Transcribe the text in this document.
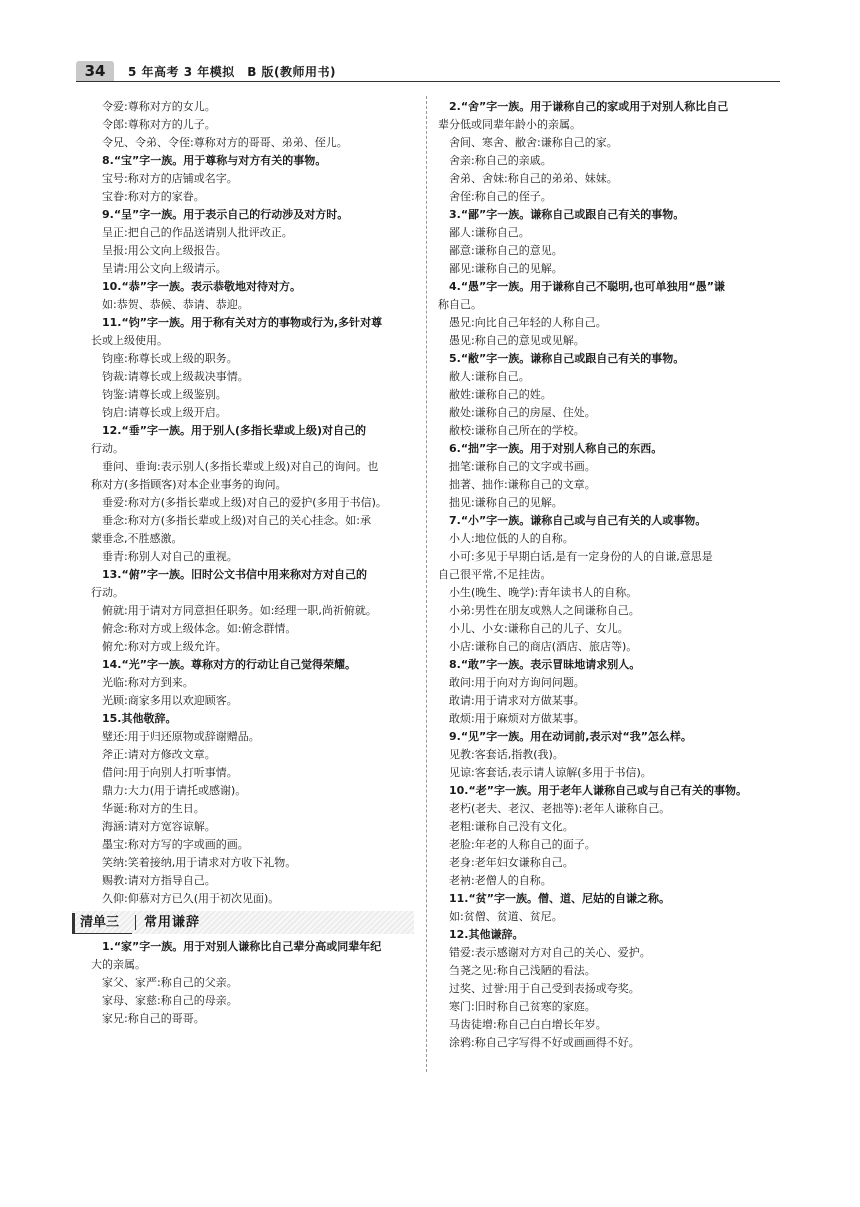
34	5 年高考 3 年模拟　B 版(教师用书)
令爱:尊称对方的女儿。
令郎:尊称对方的儿子。
令兄、令弟、令侄:尊称对方的哥哥、弟弟、侄儿。
8.“宝”字一族。用于尊称与对方有关的事物。
宝号:称对方的店铺或名字。
宝眷:称对方的家眷。
9.“呈”字一族。用于表示自己的行动涉及对方时。
呈正:把自己的作品送请别人批评改正。
呈报:用公文向上级报告。
呈请:用公文向上级请示。
10.“恭”字一族。表示恭敬地对待对方。
如:恭贺、恭候、恭请、恭迎。
11.“钧”字一族。用于称有关对方的事物或行为,多针对尊
长或上级使用。
钧座:称尊长或上级的职务。
钧裁:请尊长或上级裁决事情。
钧鉴:请尊长或上级鉴别。
钧启:请尊长或上级开启。
12.“垂”字一族。用于别人(多指长辈或上级)对自己的
行动。
垂问、垂询:表示别人(多指长辈或上级)对自己的询问。也
称对方(多指顾客)对本企业事务的询问。
垂爱:称对方(多指长辈或上级)对自己的爱护(多用于书信)。
垂念:称对方(多指长辈或上级)对自己的关心挂念。如:承
蒙垂念,不胜感激。
垂青:称别人对自己的重视。
13.“俯”字一族。旧时公文书信中用来称对方对自己的
行动。
俯就:用于请对方同意担任职务。如:经理一职,尚祈俯就。
俯念:称对方或上级体念。如:俯念群情。
俯允:称对方或上级允许。
14.“光”字一族。尊称对方的行动让自己觉得荣耀。
光临:称对方到来。
光顾:商家多用以欢迎顾客。
15.其他敬辞。
璧还:用于归还原物或辞谢赠品。
斧正:请对方修改文章。
借问:用于向别人打听事情。
鼎力:大力(用于请托或感谢)。
华诞:称对方的生日。
海涵:请对方宽容谅解。
墨宝:称对方写的字或画的画。
笑纳:笑着接纳,用于请求对方收下礼物。
赐教:请对方指导自己。
久仰:仰慕对方已久(用于初次见面)。
清单三 常用谦辞
1.“家”字一族。用于对别人谦称比自己辈分高或同辈年纪
大的亲属。
家父、家严:称自己的父亲。
家母、家慈:称自己的母亲。
家兄:称自己的哥哥。
2.“舍”字一族。用于谦称自己的家或用于对别人称比自己
辈分低或同辈年龄小的亲属。
舍间、寒舍、敝舍:谦称自己的家。
舍亲:称自己的亲戚。
舍弟、舍妹:称自己的弟弟、妹妹。
舍侄:称自己的侄子。
3.“鄙”字一族。谦称自己或跟自己有关的事物。
鄙人:谦称自己。
鄙意:谦称自己的意见。
鄙见:谦称自己的见解。
4.“愚”字一族。用于谦称自己不聪明,也可单独用“愚”谦
称自己。
愚兄:向比自己年轻的人称自己。
愚见:称自己的意见或见解。
5.“敝”字一族。谦称自己或跟自己有关的事物。
敝人:谦称自己。
敝姓:谦称自己的姓。
敝处:谦称自己的房屋、住处。
敝校:谦称自己所在的学校。
6.“拙”字一族。用于对别人称自己的东西。
拙笔:谦称自己的文字或书画。
拙著、拙作:谦称自己的文章。
拙见:谦称自己的见解。
7.“小”字一族。谦称自己或与自己有关的人或事物。
小人:地位低的人的自称。
小可:多见于早期白话,是有一定身份的人的自谦,意思是
自己很平常,不足挂齿。
小生(晚生、晚学):青年读书人的自称。
小弟:男性在朋友或熟人之间谦称自己。
小儿、小女:谦称自己的儿子、女儿。
小店:谦称自己的商店(酒店、旅店等)。
8.“敢”字一族。表示冒昧地请求别人。
敢问:用于向对方询问问题。
敢请:用于请求对方做某事。
敢烦:用于麻烦对方做某事。
9.“见”字一族。用在动词前,表示对“我”怎么样。
见教:客套话,指教(我)。
见谅:客套话,表示请人谅解(多用于书信)。
10.“老”字一族。用于老年人谦称自己或与自己有关的事物。
老朽(老夫、老汉、老拙等):老年人谦称自己。
老粗:谦称自己没有文化。
老脸:年老的人称自己的面子。
老身:老年妇女谦称自己。
老衲:老僧人的自称。
11.“贫”字一族。僧、道、尼姑的自谦之称。
如:贫僧、贫道、贫尼。
12.其他谦辞。
错爱:表示感谢对方对自己的关心、爱护。
刍荛之见:称自己浅陋的看法。
过奖、过誉:用于自己受到表扬或夸奖。
寒门:旧时称自己贫寒的家庭。
马齿徒增:称自己白白增长年岁。
涂鸦:称自己字写得不好或画画得不好。
